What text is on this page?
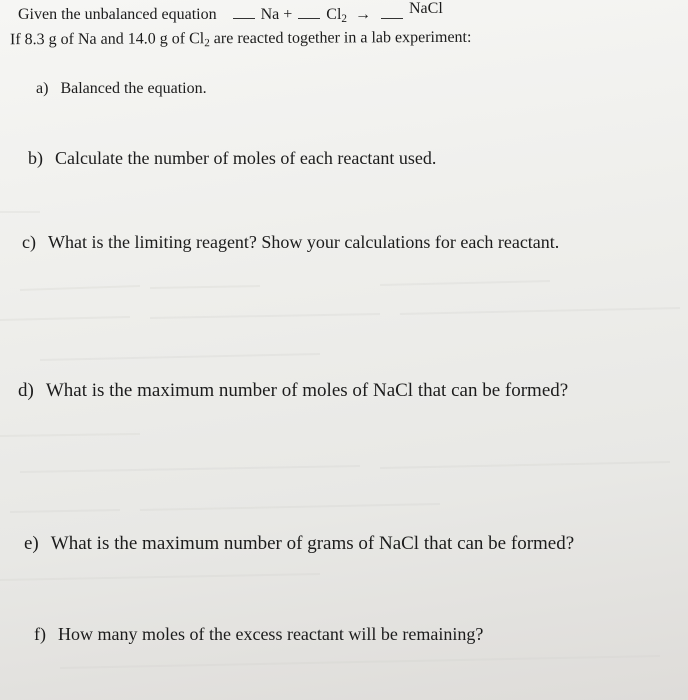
Given the unbalanced equation	$Na + Cl_2$ → NaCl
If 8.3 g of Na and 14.0 g of $Cl_2$ are reacted together in a lab experiment:
a) Balanced the equation.
b) Calculate the number of moles of each reactant used.
c) What is the limiting reagent? Show your calculations for each reactant.
d) What is the maximum number of moles of NaCl that can be formed?
e) What is the maximum number of grams of NaCl that can be formed?
f) How many moles of the excess reactant will be remaining?
